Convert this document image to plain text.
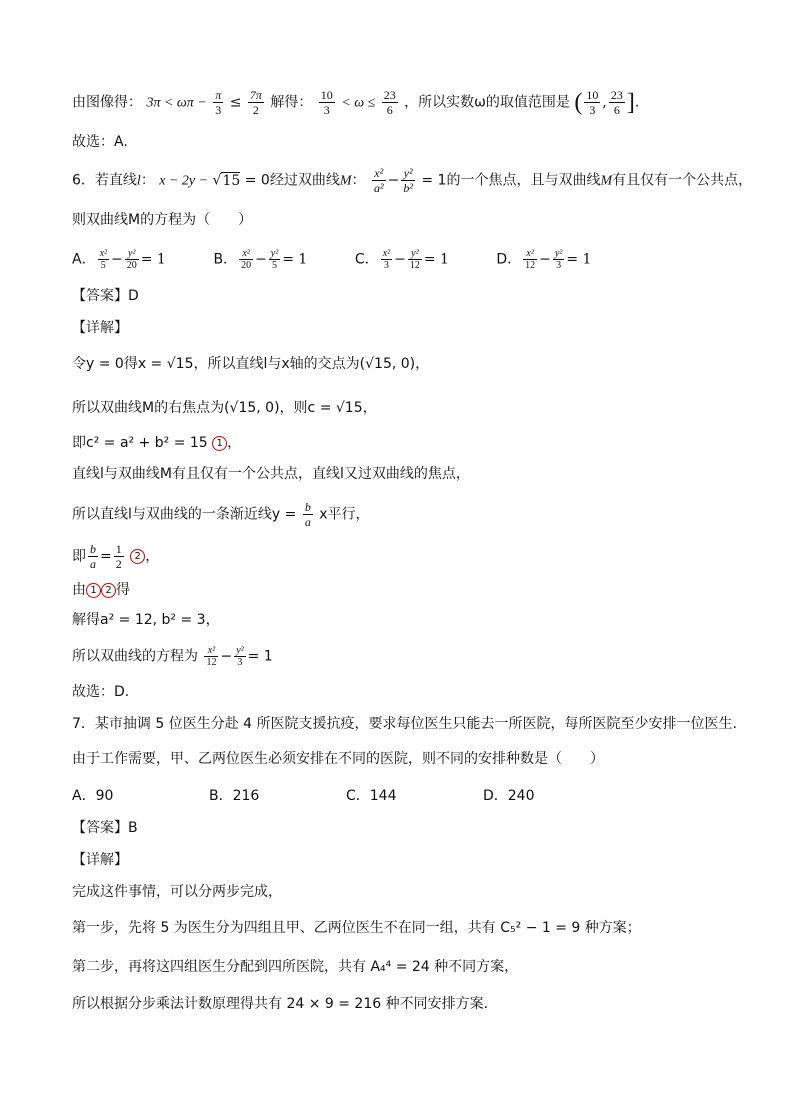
由图像得： $3\pi < \omega\pi - \frac{\pi}{3} \le \frac{7\pi}{2}$ 解得： $\frac{10}{3} < \omega \le \frac{23}{6}$ ，所以实数ω的取值范围是 ( $\frac{10}{3}$ , $\frac{23}{6}$ ].
故选：A.
6．若直线l： x − 2y − √15 = 0经过双曲线M： $\frac{\text{x²}}{\text{a²}} - \frac{\text{y²}}{\text{b²}} = 1$的一个焦点，且与双曲线M有且仅有一个公共点，
则双曲线M的方程为（　　）
A． $\frac{\text{x²}}{5} - \frac{\text{y²}}{20} = 1$	B． $\frac{\text{x²}}{20} - \frac{\text{y²}}{5} = 1$	C． $\frac{\text{x²}}{3} - \frac{\text{y²}}{12} = 1$	D． $\frac{\text{x²}}{12} - \frac{\text{y²}}{3} = 1$
【答案】D
【详解】
令y = 0得x = √15，所以直线l与x轴的交点为(√15, 0)，
所以双曲线M的右焦点为(√15, 0)，则c = √15，
即c² = a² + b² = 15 1 ，
直线l与双曲线M有且仅有一个公共点，直线l又过双曲线的焦点，
所以直线l与双曲线的一条渐近线$y = \frac{b}{a}$ x平行，
即 $\frac{b}{a} = \frac{1}{2} 2$ ，
由 1 2 得
解得a² = 12, b² = 3，
所以双曲线的方程为 $\frac{\text{x²}}{12} - \frac{\text{y²}}{3} = 1$
故选：D.
7．某市抽调 5 位医生分赴 4 所医院支援抗疫，要求每位医生只能去一所医院，每所医院至少安排一位医生.
由于工作需要，甲、乙两位医生必须安排在不同的医院，则不同的安排种数是（　　）
A．90	B．216	C．144	D．240
【答案】B
【详解】
完成这件事情，可以分两步完成，
第一步，先将 5 为医生分为四组且甲、乙两位医生不在同一组，共有 C₅² − 1 = 9 种方案；
第二步，再将这四组医生分配到四所医院，共有 A₄⁴ = 24 种不同方案，
所以根据分步乘法计数原理得共有 24 × 9 = 216 种不同安排方案.
